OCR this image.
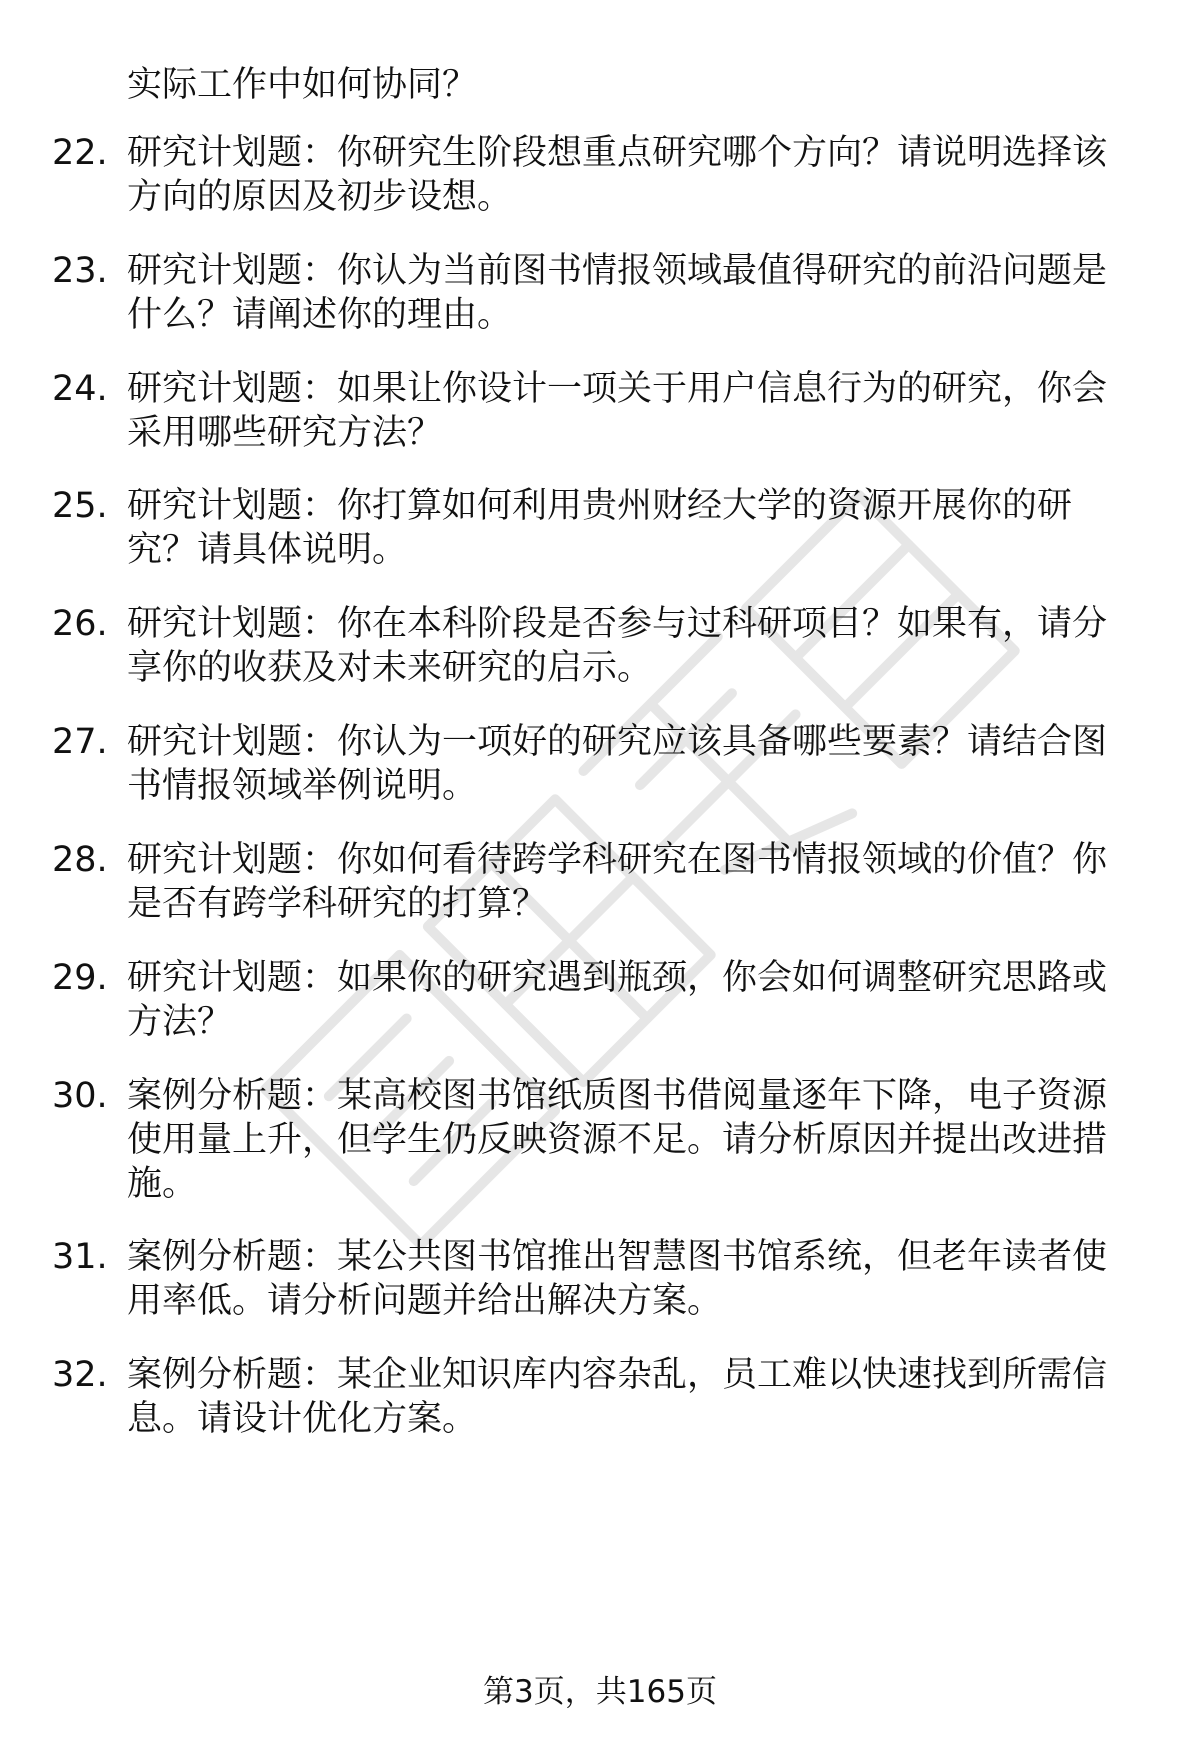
实际工作中如何协同？
22. 研究计划题：你研究生阶段想重点研究哪个方向？请说明选择该
方向的原因及初步设想。
23. 研究计划题：你认为当前图书情报领域最值得研究的前沿问题是
什么？请阐述你的理由。
24. 研究计划题：如果让你设计一项关于用户信息行为的研究，你会
采用哪些研究方法？
25. 研究计划题：你打算如何利用贵州财经大学的资源开展你的研
究？请具体说明。
26. 研究计划题：你在本科阶段是否参与过科研项目？如果有，请分
享你的收获及对未来研究的启示。
27. 研究计划题：你认为一项好的研究应该具备哪些要素？请结合图
书情报领域举例说明。
28. 研究计划题：你如何看待跨学科研究在图书情报领域的价值？你
是否有跨学科研究的打算？
29. 研究计划题：如果你的研究遇到瓶颈，你会如何调整研究思路或
方法？
30. 案例分析题：某高校图书馆纸质图书借阅量逐年下降，电子资源
使用量上升，但学生仍反映资源不足。请分析原因并提出改进措
施。
31. 案例分析题：某公共图书馆推出智慧图书馆系统，但老年读者使
用率低。请分析问题并给出解决方案。
32. 案例分析题：某企业知识库内容杂乱，员工难以快速找到所需信
息。请设计优化方案。
第3页，共165页
